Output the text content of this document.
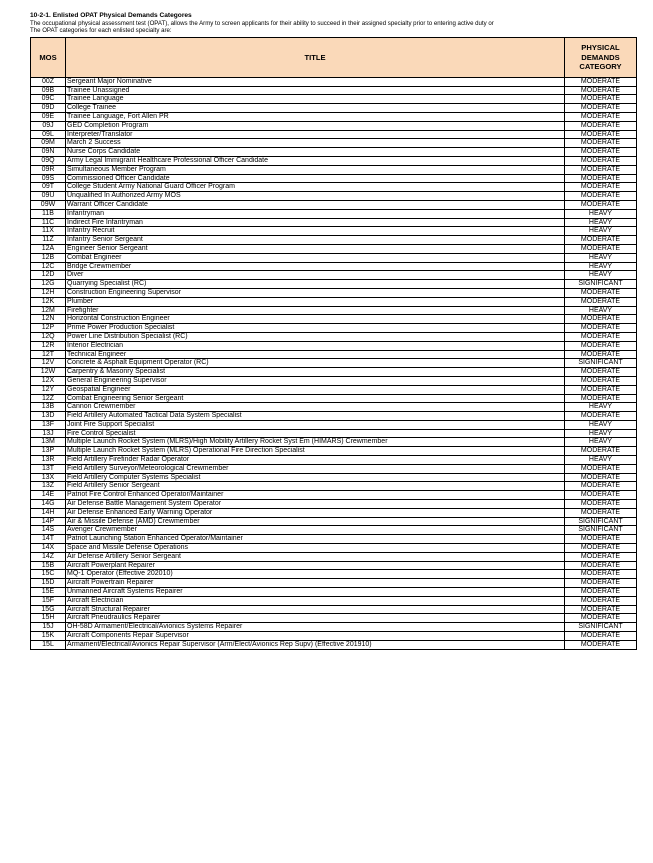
10-2-1. Enlisted OPAT Physical Demands Categores
The occupational physical assessment test (OPAT), allows the Army to screen applicants for their ability to succeed in their assigned specialty prior to entering active duty or
The OPAT categories for each enlisted specialty are:
MOS	TITLE	PHYSICAL
DEMANDS
CATEGORY

00Z	Sergeant Major Nominative	MODERATE
09B	Trainee Unassigned	MODERATE
09C	Trainee Language	MODERATE
09D	College Trainee	MODERATE
09E	Trainee Language, Fort Allen PR	MODERATE
09J	GED Completion Program	MODERATE
09L	Interpreter/Translator	MODERATE
09M	March 2 Success	MODERATE
09N	Nurse Corps Candidate	MODERATE
09Q	Army Legal Immigrant Healthcare Professional Officer Candidate	MODERATE
09R	Simultaneous Member Program	MODERATE
09S	Commissioned Officer Candidate	MODERATE
09T	College Student Army National Guard Officer Program	MODERATE
09U	Unqualified In Authorized Army MOS	MODERATE
09W	Warrant Officer Candidate	MODERATE
11B	Infantryman	HEAVY
11C	Indirect Fire Infantryman	HEAVY
11X	Infantry Recruit	HEAVY
11Z	Infantry Senior Sergeant	MODERATE
12A	Engineer Senior Sergeant	MODERATE
12B	Combat Engineer	HEAVY
12C	Bridge Crewmember	HEAVY
12D	Diver	HEAVY
12G	Quarrying Specialist (RC)	SIGNIFICANT
12H	Construction Engineering Supervisor	MODERATE
12K	Plumber	MODERATE
12M	Firefighter	HEAVY
12N	Horizontal Construction Engineer	MODERATE
12P	Prime Power Production Specialist	MODERATE
12Q	Power Line Distribution Specialist (RC)	MODERATE
12R	Interior Electrician	MODERATE
12T	Technical Engineer	MODERATE
12V	Concrete & Asphalt Equipment Operator (RC)	SIGNIFICANT
12W	Carpentry & Masonry Specialist	MODERATE
12X	General Engineering Supervisor	MODERATE
12Y	Geospatial Engineer	MODERATE
12Z	Combat Engineering Senior Sergeant	MODERATE
13B	Cannon Crewmember	HEAVY
13D	Field Artillery Automated Tactical Data System Specialist	MODERATE
13F	Joint Fire Support Specialist	HEAVY
13J	Fire Control Specialist	HEAVY
13M	Multiple Launch Rocket System (MLRS)/High Mobility Artillery Rocket Syst Em (HIMARS) Crewmember	HEAVY
13P	Multiple Launch Rocket System (MLRS) Operational Fire Direction Specialist	MODERATE
13R	Field Artillery Firefinder Radar Operator	HEAVY
13T	Field Artillery Surveyor/Meteorological Crewmember	MODERATE
13X	Field Artillery Computer Systems Specialist	MODERATE
13Z	Field Artillery Senior Sergeant	MODERATE
14E	Patriot Fire Control Enhanced Operator/Maintainer	MODERATE
14G	Air Defense Battle Management System Operator	MODERATE
14H	Air Defense Enhanced Early Warning Operator	MODERATE
14P	Air & Missile Defense (AMD) Crewmember	SIGNIFICANT
14S	Avenger Crewmember	SIGNIFICANT
14T	Patriot Launching Station Enhanced Operator/Maintainer	MODERATE
14X	Space and Missile Defense Operations	MODERATE
14Z	Air Defense Artillery Senior Sergeant	MODERATE
15B	Aircraft Powerplant Repairer	MODERATE
15C	MQ-1 Operator (Effective 202010)	MODERATE
15D	Aircraft Powertrain Repairer	MODERATE
15E	Unmanned Aircraft Systems Repairer	MODERATE
15F	Aircraft Electrician	MODERATE
15G	Aircraft Structural Repairer	MODERATE
15H	Aircraft Pneudraulics Repairer	MODERATE
15J	OH-58D Armament/Electrical/Avionics Systems Repairer	SIGNIFICANT
15K	Aircraft Components Repair Supervisor	MODERATE
15L	Armament/Electrical/Avionics Repair Supervisor (Arm/Elect/Avionics Rep Supv) (Effective 201910)	MODERATE
